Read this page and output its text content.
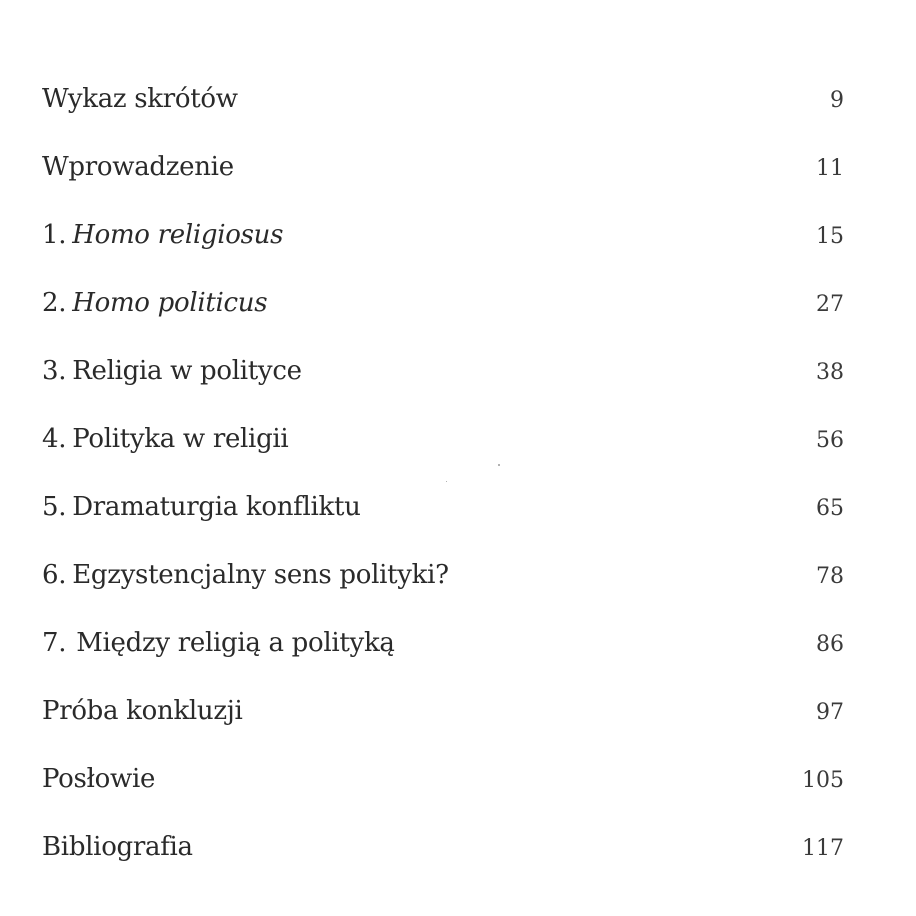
Wykaz skrótów	9
Wprowadzenie	11
1. Homo religiosus	15
2. Homo politicus	27
3. Religia w polityce	38
4. Polityka w religii	56
5. Dramaturgia konfliktu	65
6. Egzystencjalny sens polityki?	78
7. Między religią a polityką	86
Próba konkluzji	97
Posłowie	105
Bibliografia	117
